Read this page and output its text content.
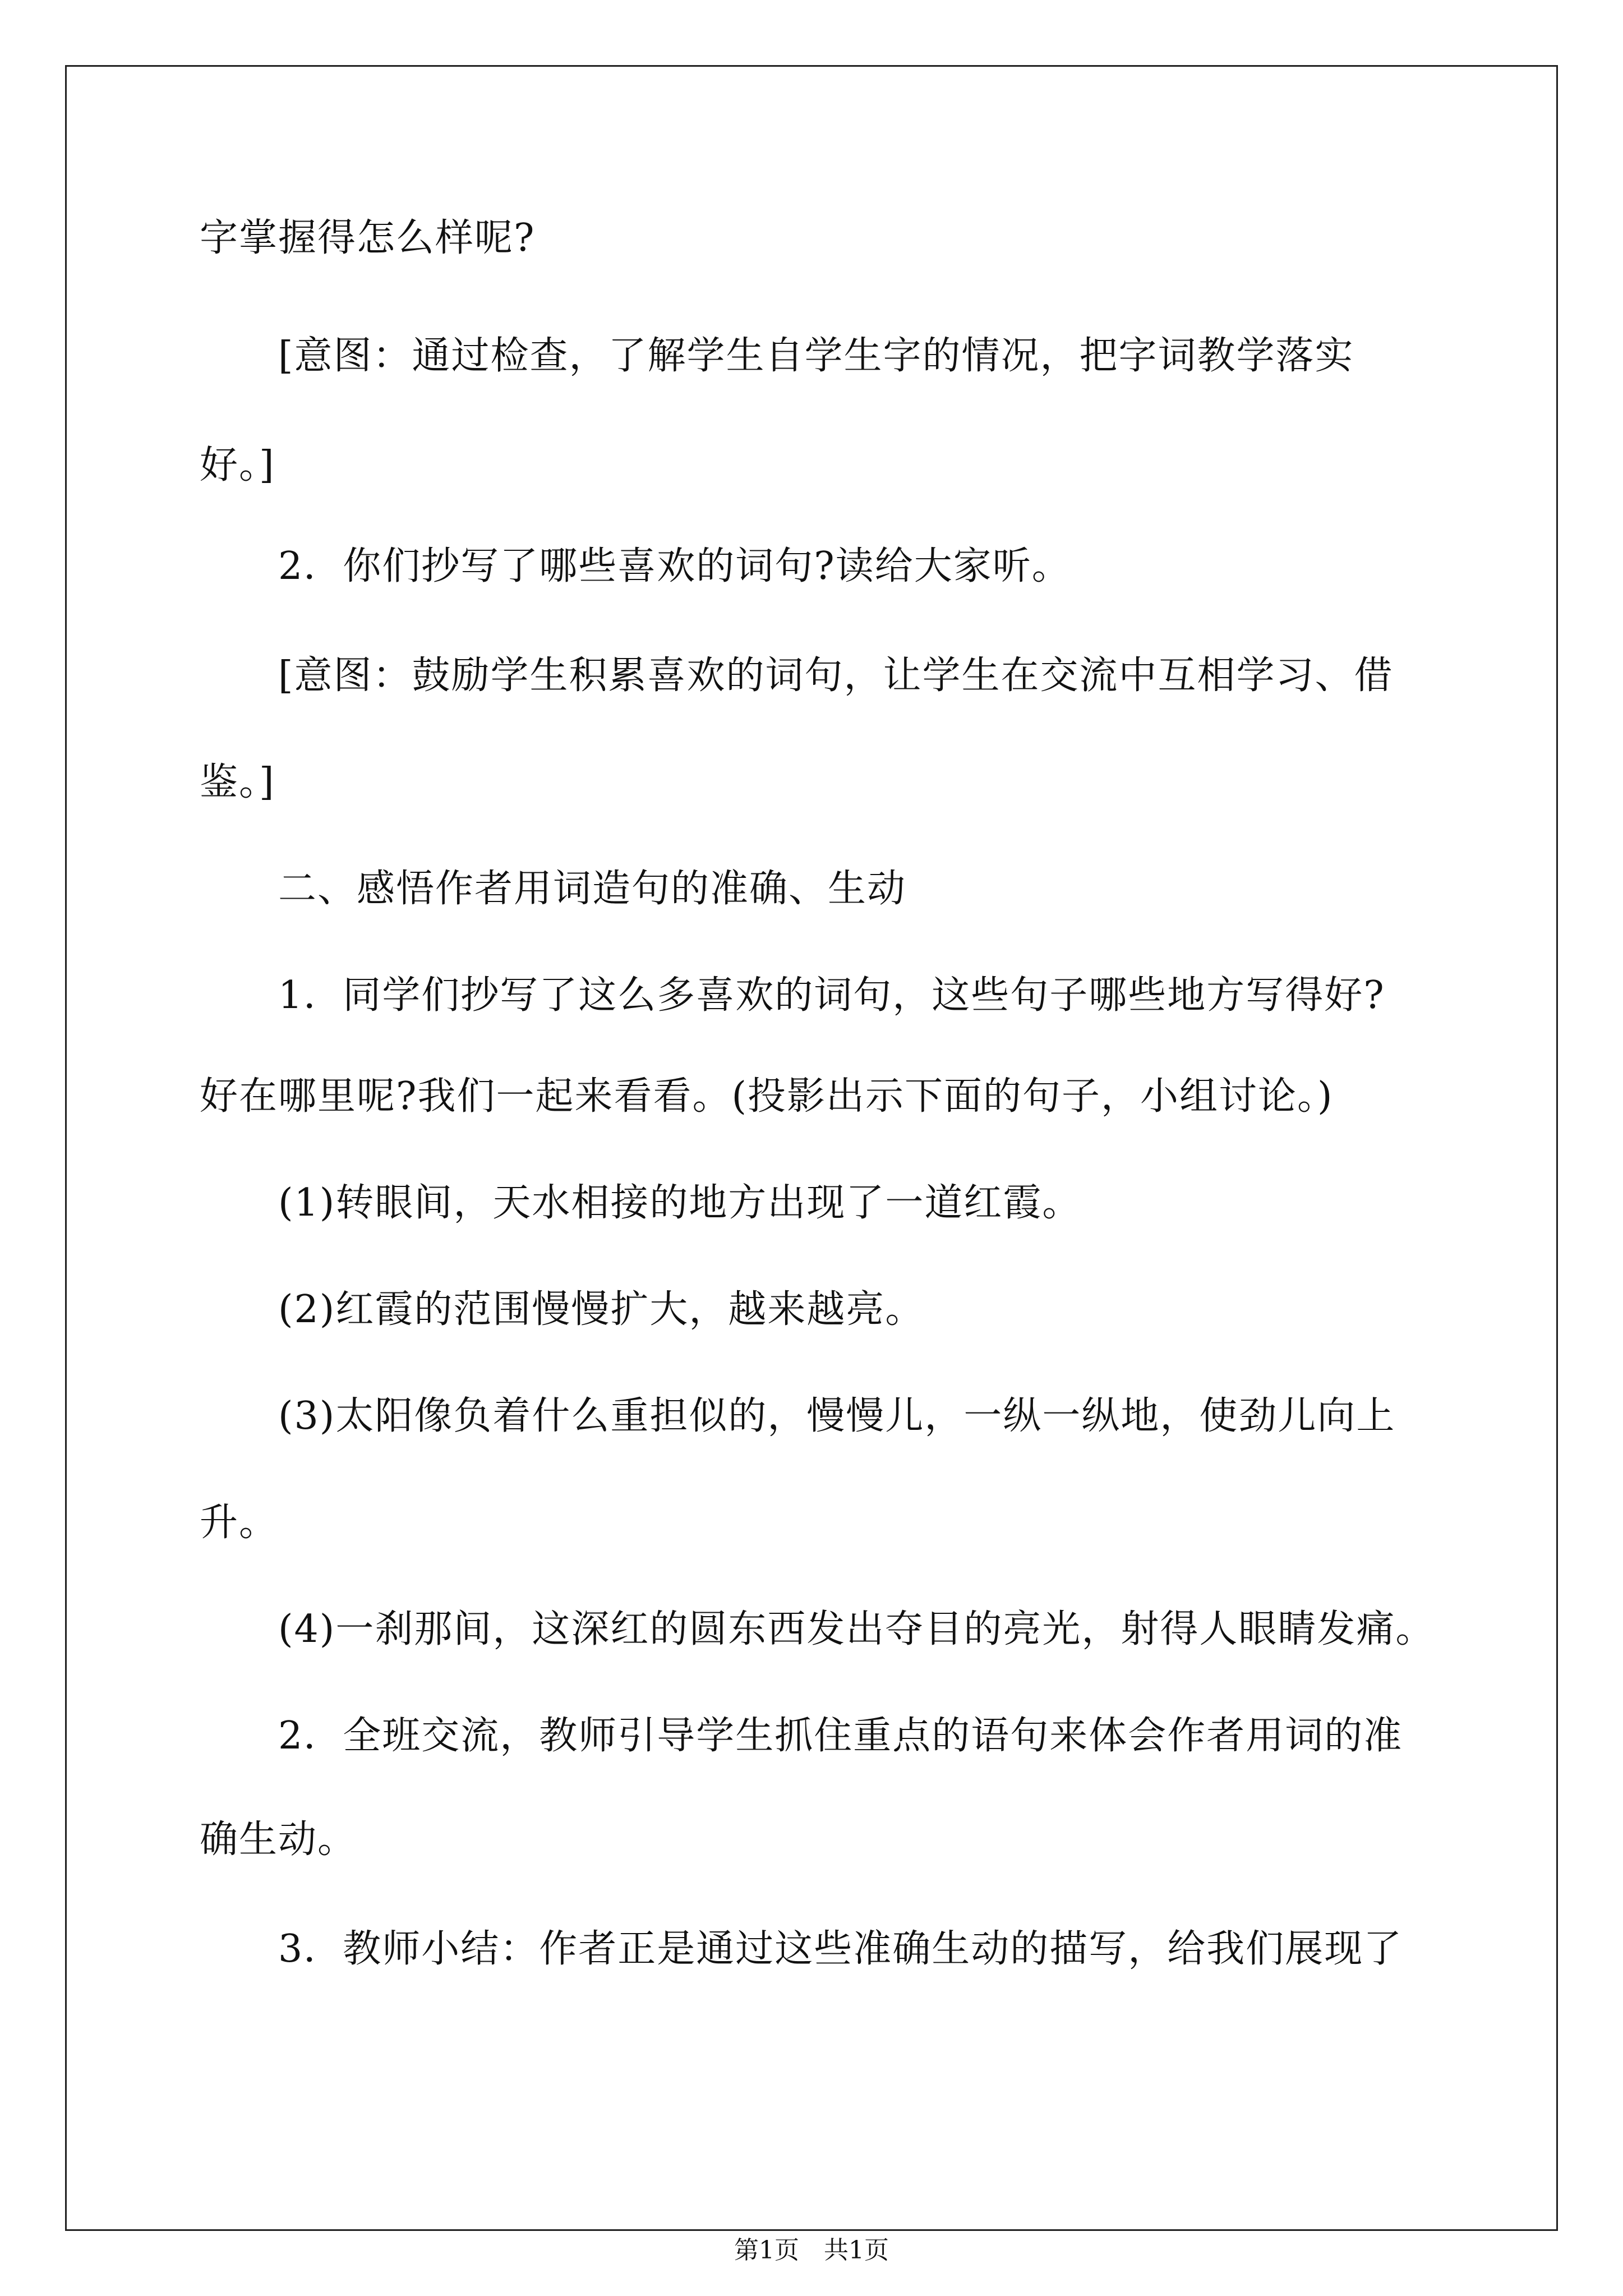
字掌握得怎么样呢?
[意图：通过检查，了解学生自学生字的情况，把字词教学落实
好。]
2．你们抄写了哪些喜欢的词句?读给大家听。
[意图：鼓励学生积累喜欢的词句，让学生在交流中互相学习、借
鉴。]
二、感悟作者用词造句的准确、生动
1．同学们抄写了这么多喜欢的词句，这些句子哪些地方写得好?
好在哪里呢?我们一起来看看。(投影出示下面的句子，小组讨论。)
(1)转眼间，天水相接的地方出现了一道红霞。
(2)红霞的范围慢慢扩大，越来越亮。
(3)太阳像负着什么重担似的，慢慢儿，一纵一纵地，使劲儿向上
升。
(4)一刹那间，这深红的圆东西发出夺目的亮光，射得人眼睛发痛。
2．全班交流，教师引导学生抓住重点的语句来体会作者用词的准
确生动。
3．教师小结：作者正是通过这些准确生动的描写，给我们展现了
第1页　共1页
